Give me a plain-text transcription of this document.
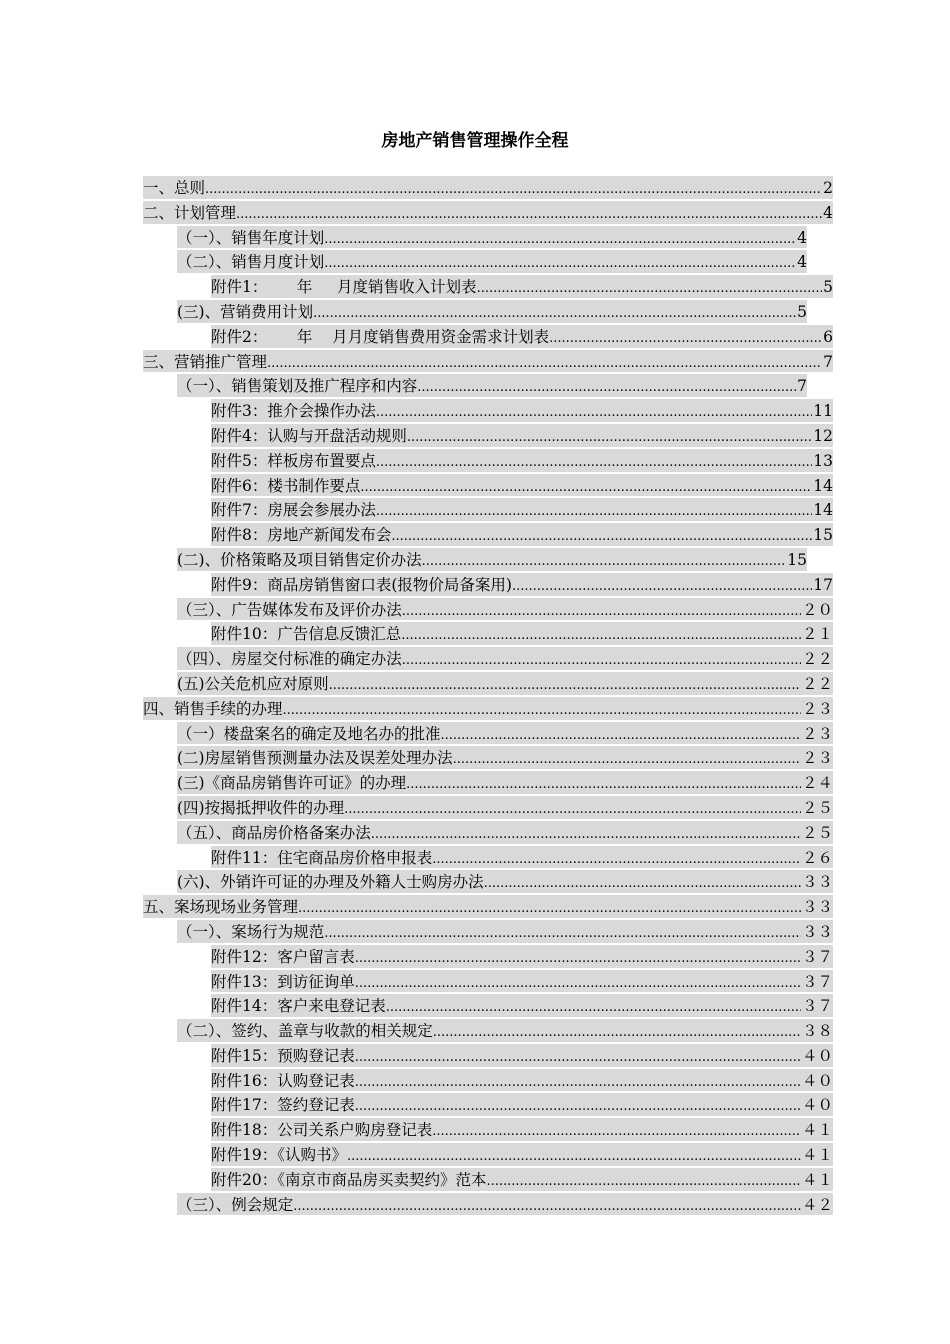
房地产销售管理操作全程
一、总则 .....	2
二、计划管理 .....	4
（一）、销售年度计划 .....	4
（二）、销售月度计划 .....	4
附件1：      年     月度销售收入计划表 .....	5
(三)、营销费用计划 .....	5
附件2：      年    月月度销售费用资金需求计划表 .....	6
三、营销推广管理 .....	7
（一）、销售策划及推广程序和内容 .....	7
附件3：推介会操作办法 .....	11
附件4：认购与开盘活动规则 .....	12
附件5：样板房布置要点 .....	13
附件6：楼书制作要点 .....	14
附件7：房展会参展办法 .....	14
附件8：房地产新闻发布会 .....	15
(二)、价格策略及项目销售定价办法 .....	15
附件9：商品房销售窗口表(报物价局备案用) .....	17
（三）、广告媒体发布及评价办法 .....	２０
附件10：广告信息反馈汇总 .....	２１
（四）、房屋交付标准的确定办法 .....	２２
(五)公关危机应对原则 .....	２２
四、销售手续的办理 .....	２３
（一）楼盘案名的确定及地名办的批准 .....	２３
(二)房屋销售预测量办法及误差处理办法 .....	２３
(三)《商品房销售许可证》的办理 .....	２４
(四)按揭抵押收件的办理 .....	２５
（五）、商品房价格备案办法 .....	２５
附件11：住宅商品房价格申报表 .....	２６
(六)、外销许可证的办理及外籍人士购房办法 .....	３３
五、案场现场业务管理 .....	３３
（一）、案场行为规范 .....	３３
附件12：客户留言表 .....	３７
附件13：到访征询单 .....	３７
附件14：客户来电登记表 .....	３７
（二）、签约、盖章与收款的相关规定 .....	３８
附件15：预购登记表 .....	４０
附件16：认购登记表 .....	４０
附件17：签约登记表 .....	４０
附件18：公司关系户购房登记表 .....	４１
附件19：《认购书》 .....	４１
附件20：《南京市商品房买卖契约》范本 .....	４１
（三）、例会规定 .....	４２
